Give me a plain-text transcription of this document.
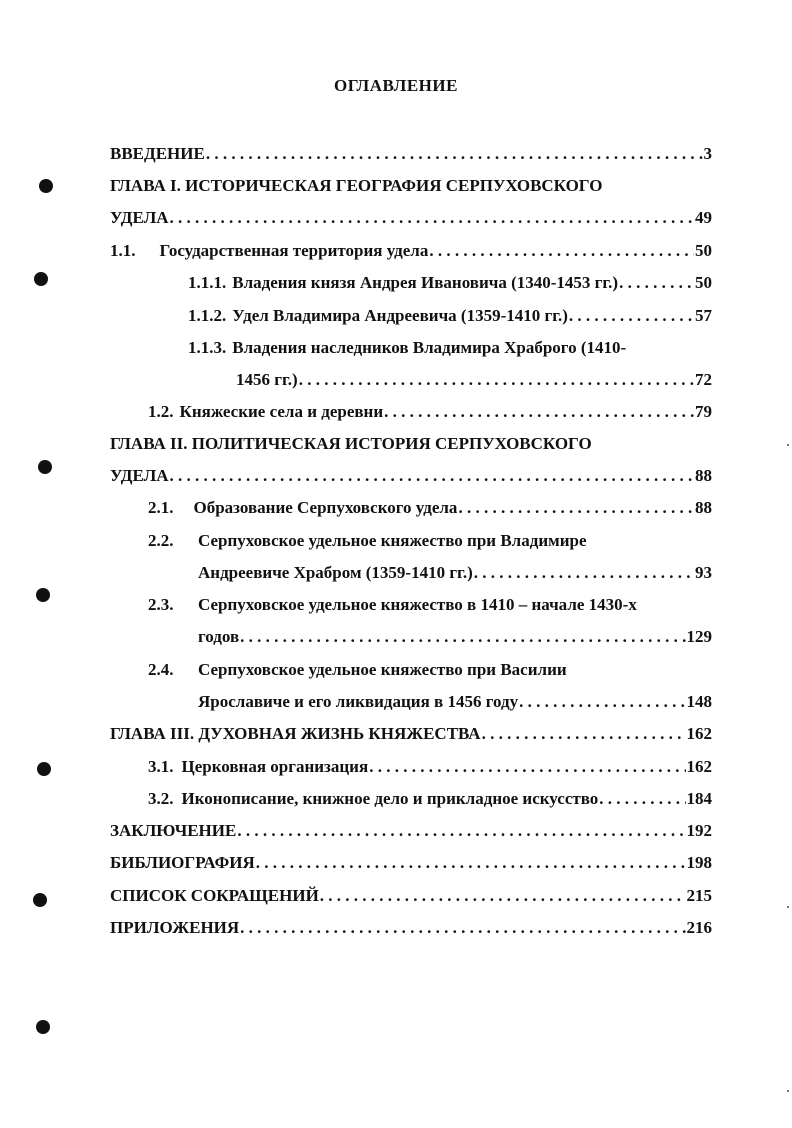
ОГЛАВЛЕНИЕ
ВВЕДЕНИЕ . . .	3
ГЛАВА I. ИСТОРИЧЕСКАЯ ГЕОГРАФИЯ СЕРПУХОВСКОГО
УДЕЛА . . .	49
1.1. Государственная территория удела . . .	50
1.1.1. Владения князя Андрея Ивановича (1340-1453 гг.) . . .	50
1.1.2. Удел Владимира Андреевича (1359-1410 гг.) . . .	57
1.1.3. Владения наследников Владимира Храброго (1410-
1456 гг.) . . .	72
1.2. Княжеские села и деревни . . .	79
ГЛАВА II. ПОЛИТИЧЕСКАЯ ИСТОРИЯ СЕРПУХОВСКОГО
УДЕЛА . . .	88
2.1. Образование Серпуховского удела . . .	88
2.2. Серпуховское удельное княжество при Владимире
Андреевиче Храбром (1359-1410 гг.) . . .	93
2.3. Серпуховское удельное княжество в 1410 – начале 1430-х
годов . . .	129
2.4. Серпуховское удельное княжество при Василии
Ярославиче и его ликвидация в 1456 году . . .	148
ГЛАВА III. ДУХОВНАЯ ЖИЗНЬ КНЯЖЕСТВА . . .	162
3.1. Церковная организация . . .	162
3.2. Иконописание, книжное дело и прикладное искусство . . .	184
ЗАКЛЮЧЕНИЕ . . .	192
БИБЛИОГРАФИЯ . . .	198
СПИСОК СОКРАЩЕНИЙ . . .	215
ПРИЛОЖЕНИЯ . . .	216
